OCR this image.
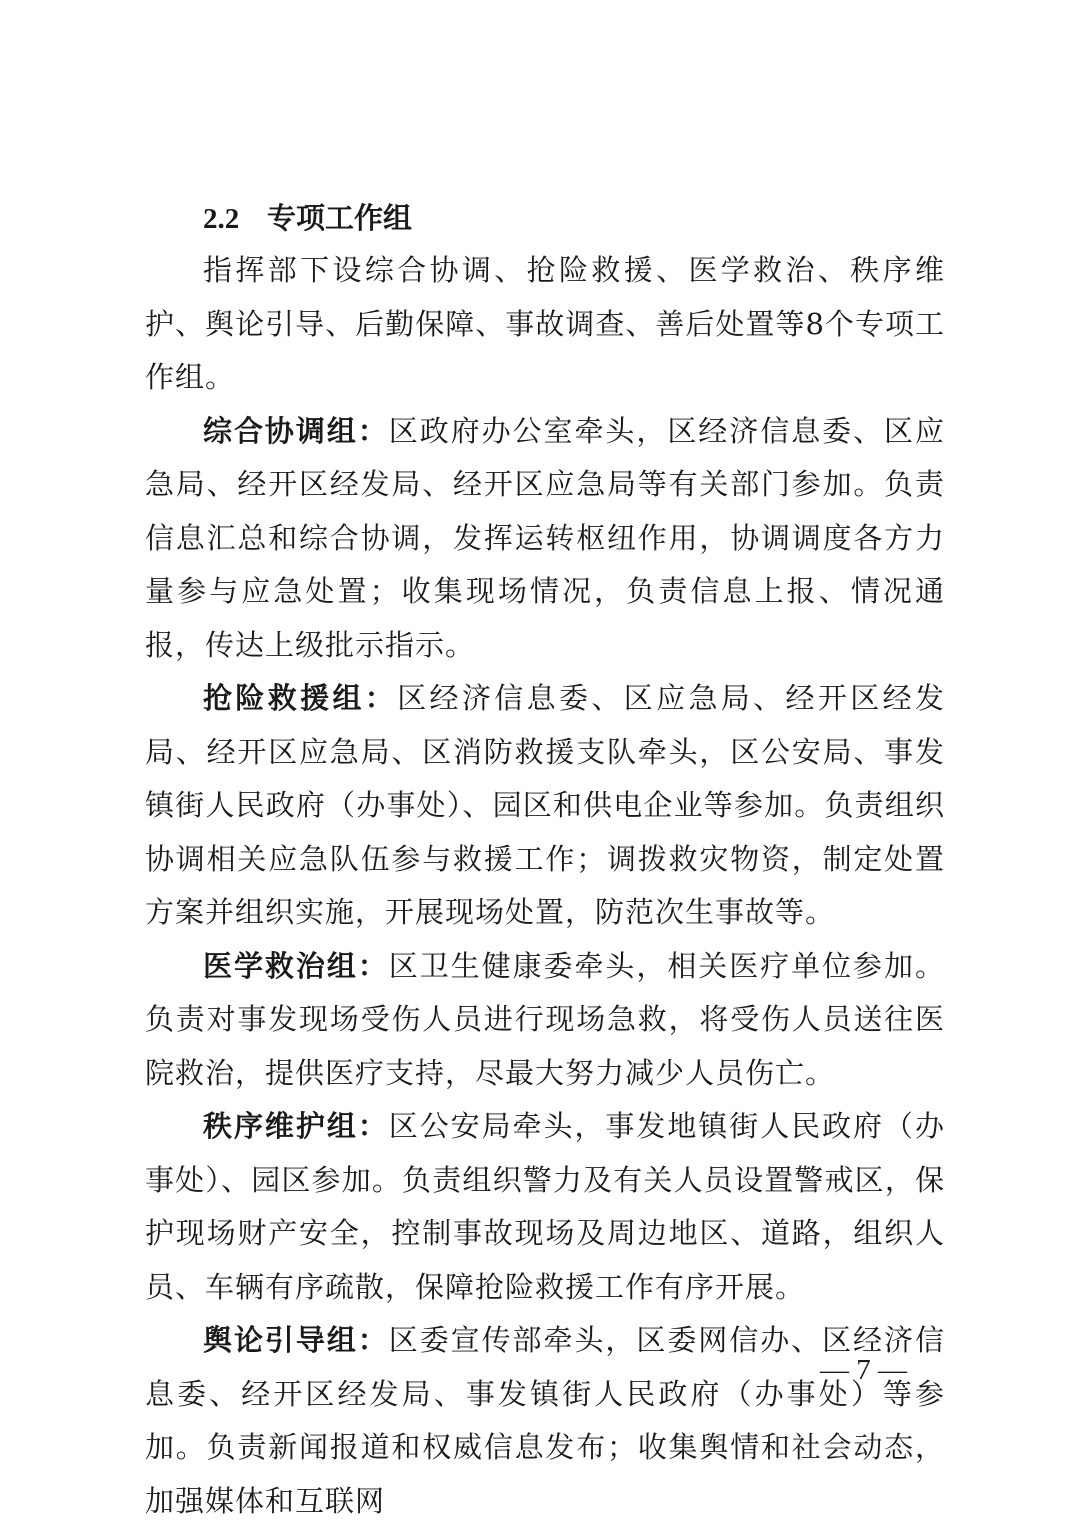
2.2 专项工作组

指挥部下设综合协调、抢险救援、医学救治、秩序维护、舆论引导、后勤保障、事故调查、善后处置等8个专项工作组。

综合协调组：区政府办公室牵头，区经济信息委、区应急局、经开区经发局、经开区应急局等有关部门参加。负责信息汇总和综合协调，发挥运转枢纽作用，协调调度各方力量参与应急处置；收集现场情况，负责信息上报、情况通报，传达上级批示指示。

抢险救援组：区经济信息委、区应急局、经开区经发局、经开区应急局、区消防救援支队牵头，区公安局、事发镇街人民政府（办事处）、园区和供电企业等参加。负责组织协调相关应急队伍参与救援工作；调拨救灾物资，制定处置方案并组织实施，开展现场处置，防范次生事故等。

医学救治组：区卫生健康委牵头，相关医疗单位参加。负责对事发现场受伤人员进行现场急救，将受伤人员送往医院救治，提供医疗支持，尽最大努力减少人员伤亡。

秩序维护组：区公安局牵头，事发地镇街人民政府（办事处）、园区参加。负责组织警力及有关人员设置警戒区，保护现场财产安全，控制事故现场及周边地区、道路，组织人员、车辆有序疏散，保障抢险救援工作有序开展。

舆论引导组：区委宣传部牵头，区委网信办、区经济信息委、经开区经发局、事发镇街人民政府（办事处）等参加。负责新闻报道和权威信息发布；收集舆情和社会动态，加强媒体和互联网

— 7 —
